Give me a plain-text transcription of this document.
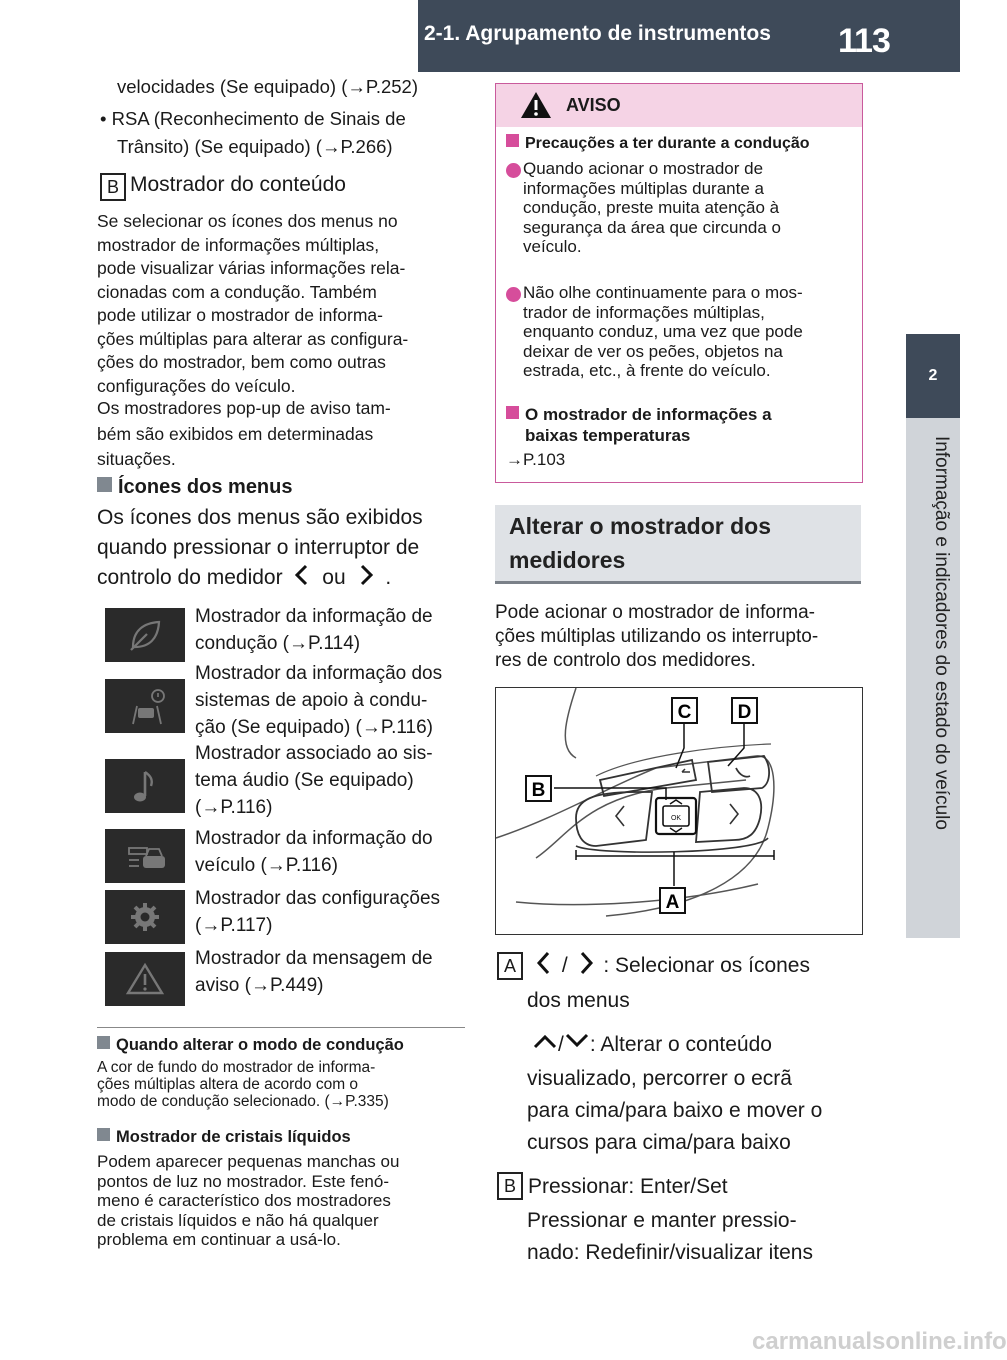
2-1. Agrupamento de instrumentos 113
2
Informação e indicadores do estado do veículo
velocidades (Se equipado) (→P.252)
• RSA (Reconhecimento de Sinais de
Trânsito) (Se equipado) (→P.266)
B Mostrador do conteúdo
Se selecionar os ícones dos menus no
mostrador de informações múltiplas,
pode visualizar várias informações rela-
cionadas com a condução. Também
pode utilizar o mostrador de informa-
ções múltiplas para alterar as configura-
ções do mostrador, bem como outras
configurações do veículo.
Os mostradores pop-up de aviso tam-
bém são exibidos em determinadas
situações.
Ícones dos menus
Os ícones dos menus são exibidos
quando pressionar o interruptor de
controlo do medidor ou .
Mostrador da informação de
condução (→P.114)
Mostrador da informação dos
sistemas de apoio à condu-
ção (Se equipado) (→P.116)
Mostrador associado ao sis-
tema áudio (Se equipado)
(→P.116)
Mostrador da informação do
veículo (→P.116)
Mostrador das configurações
(→P.117)
Mostrador da mensagem de
aviso (→P.449)
Quando alterar o modo de condução
A cor de fundo do mostrador de informa-
ções múltiplas altera de acordo com o
modo de condução selecionado. (→P.335)
Mostrador de cristais líquidos
Podem aparecer pequenas manchas ou
pontos de luz no mostrador. Este fenó-
meno é característico dos mostradores
de cristais líquidos e não há qualquer
problema em continuar a usá-lo.
AVISO
Precauções a ter durante a condução
Quando acionar o mostrador de
informações múltiplas durante a
condução, preste muita atenção à
segurança da área que circunda o
veículo.
Não olhe continuamente para o mos-
trador de informações múltiplas,
enquanto conduz, uma vez que pode
deixar de ver os peões, objetos na
estrada, etc., à frente do veículo.
O mostrador de informações a
baixas temperaturas
→P.103
Alterar o mostrador dos
medidores
Pode acionar o mostrador de informa-
ções múltiplas utilizando os interrupto-
res de controlo dos medidores.
OK
C D
B
A
A	/ : Selecionar os ícones
dos menus
/ : Alterar o conteúdo
visualizado, percorrer o ecrã
para cima/para baixo e mover o
cursos para cima/para baixo
B Pressionar: Enter/Set
Pressionar e manter pressio-
nado: Redefinir/visualizar itens
carmanualsonline.info
